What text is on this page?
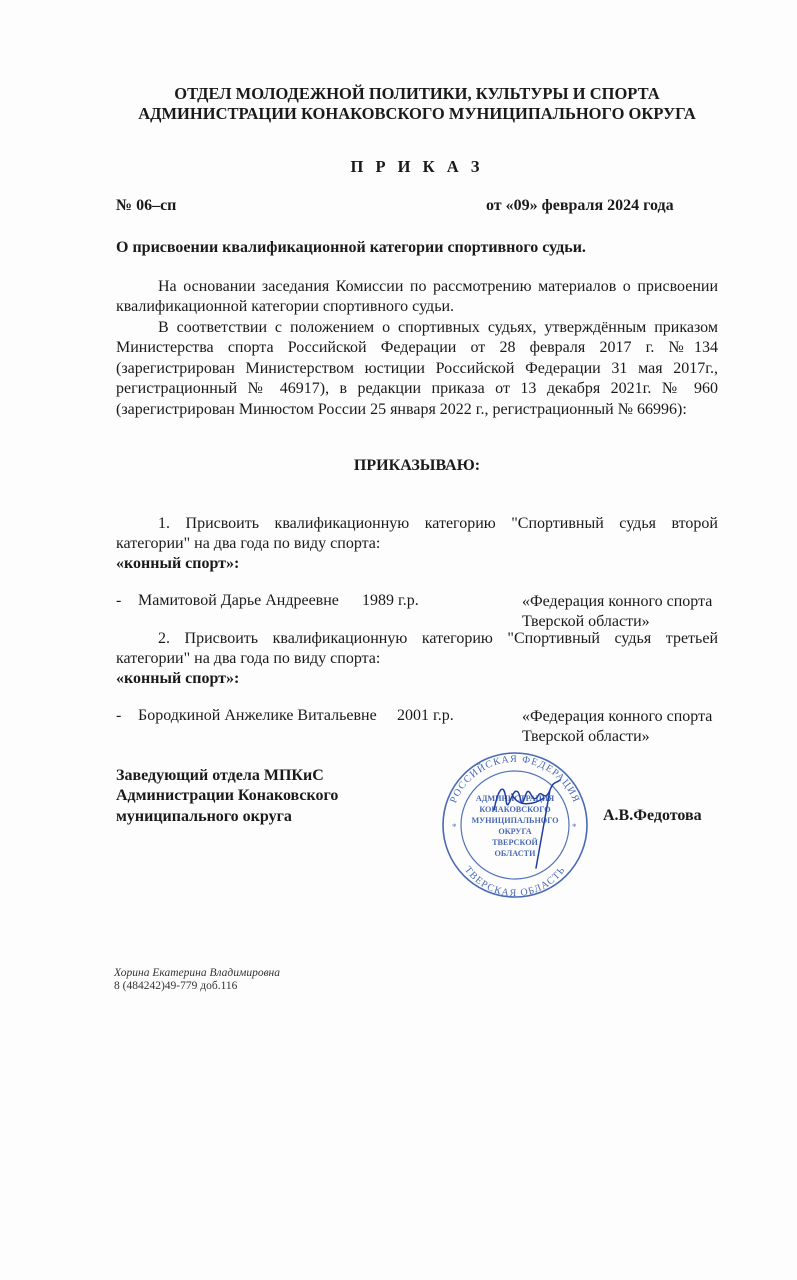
ОТДЕЛ МОЛОДЕЖНОЙ ПОЛИТИКИ, КУЛЬТУРЫ И СПОРТА
АДМИНИСТРАЦИИ КОНАКОВСКОГО МУНИЦИПАЛЬНОГО ОКРУГА
П Р И К А З
№ 06–сп	от «09» февраля 2024 года
О присвоении квалификационной категории спортивного судьи.
На основании заседания Комиссии по рассмотрению материалов о присвоении квалификационной категории спортивного судьи.
В соответствии с положением о спортивных судьях, утверждённым приказом Министерства спорта Российской Федерации от 28 февраля 2017 г. №134 (зарегистрирован Министерством юстиции Российской Федерации 31 мая 2017г., регистрационный № 46917), в редакции приказа от 13 декабря 2021г. № 960 (зарегистрирован Минюстом России 25 января 2022 г., регистрационный № 66996):
ПРИКАЗЫВАЮ:
1. Присвоить квалификационную категорию "Спортивный судья второй категории" на два года по виду спорта:
«конный спорт»:
- Мамитовой Дарье Андреевне 1989 г.р.	«Федерация конного спорта
Тверской области»
2. Присвоить квалификационную категорию "Спортивный судья третьей категории" на два года по виду спорта:
«конный спорт»:
- Бородкиной Анжелике Витальевне 2001 г.р.	«Федерация конного спорта
Тверской области»
Заведующий отдела МПКиС
Администрации Конаковского
муниципального округа
РОССИЙСКАЯ ФЕДЕРАЦИЯ
ТВЕРСКАЯ ОБЛАСТЬ
*	*
АДМИНИСТРАЦИЯ
КОНАКОВСКОГО
МУНИЦИПАЛЬНОГО
ОКРУГА
ТВЕРСКОЙ
ОБЛАСТИ
А.В.Федотова
Хорина Екатерина Владимировна
8 (484242)49-779 доб.116
